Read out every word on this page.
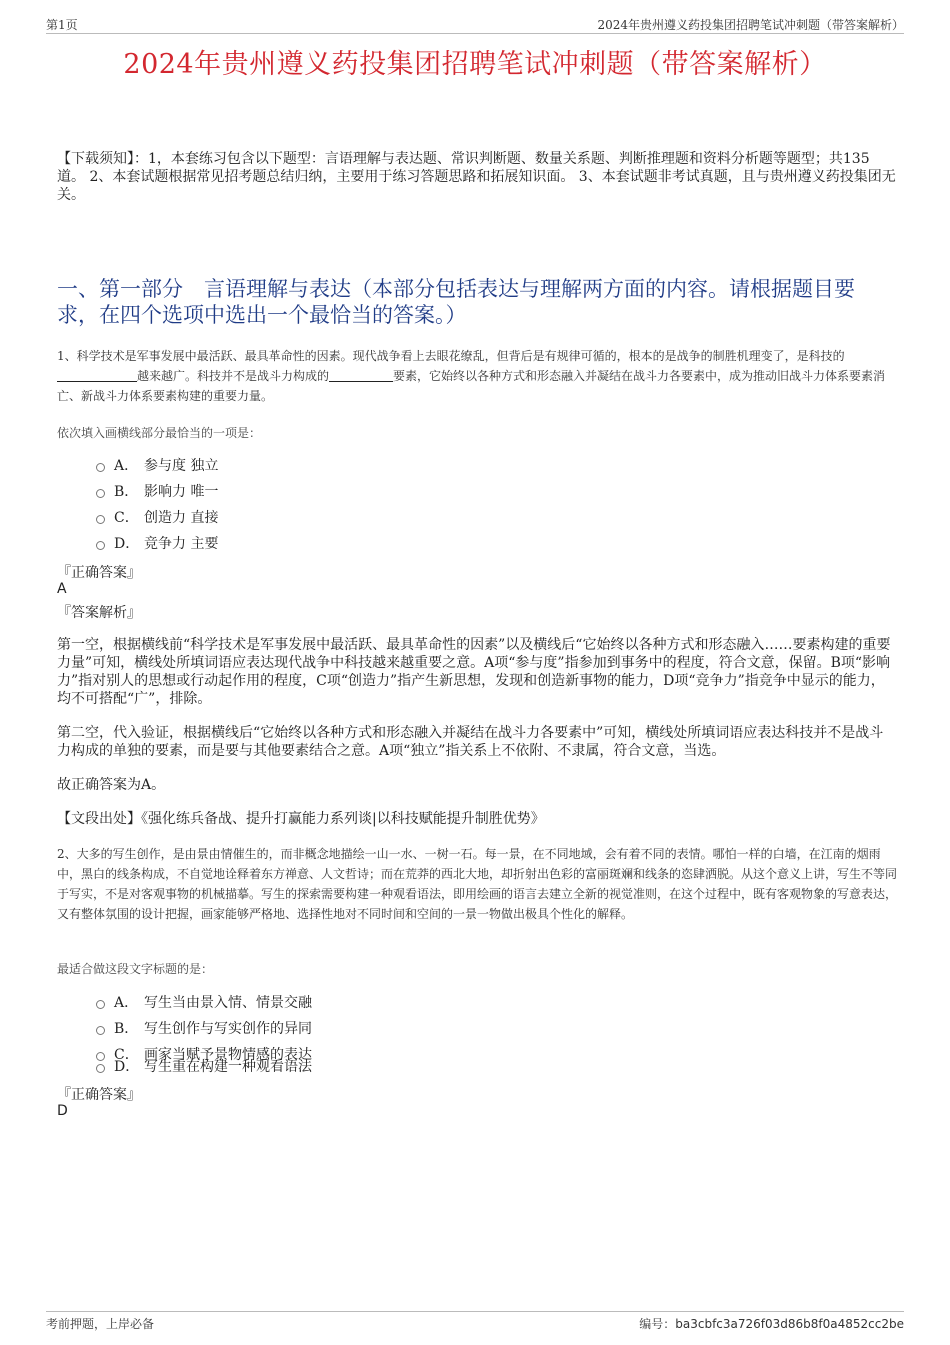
第1页	2024年贵州遵义药投集团招聘笔试冲刺题（带答案解析）
2024年贵州遵义药投集团招聘笔试冲刺题（带答案解析）
【下载须知】：1，本套练习包含以下题型：言语理解与表达题、常识判断题、数量关系题、判断推理题和资料分析题等题型；共135道。 2、本套试题根据常见招考题总结归纳，主要用于练习答题思路和拓展知识面。 3、本套试题非考试真题，且与贵州遵义药投集团无关。
一、第一部分　言语理解与表达（本部分包括表达与理解两方面的内容。请根据题目要求，在四个选项中选出一个最恰当的答案。）
1、科学技术是军事发展中最活跃、最具革命性的因素。现代战争看上去眼花缭乱，但背后是有规律可循的，根本的是战争的制胜机理变了，是科技的越来越广。科技并不是战斗力构成的	要素，它始终以各种方式和形态融入并凝结在战斗力各要素中，成为推动旧战斗力体系要素消亡、新战斗力体系要素构建的重要力量。
依次填入画横线部分最恰当的一项是：
A． 参与度 独立
B． 影响力 唯一
C． 创造力 直接
D． 竞争力 主要
『正确答案』
A
『答案解析』
第一空，根据横线前“科学技术是军事发展中最活跃、最具革命性的因素”以及横线后“它始终以各种方式和形态融入……要素构建的重要力量”可知，横线处所填词语应表达现代战争中科技越来越重要之意。A项“参与度”指参加到事务中的程度，符合文意，保留。B项“影响力”指对别人的思想或行动起作用的程度，C项“创造力”指产生新思想，发现和创造新事物的能力，D项“竞争力”指竞争中显示的能力，均不可搭配“广”，排除。
第二空，代入验证，根据横线后“它始终以各种方式和形态融入并凝结在战斗力各要素中”可知，横线处所填词语应表达科技并不是战斗力构成的单独的要素，而是要与其他要素结合之意。A项“独立”指关系上不依附、不隶属，符合文意，当选。
故正确答案为A。
【文段出处】《强化练兵备战、提升打赢能力系列谈|以科技赋能提升制胜优势》
2、大多的写生创作，是由景由情催生的，而非概念地描绘一山一水、一树一石。每一景，在不同地域，会有着不同的表情。哪怕一样的白墙，在江南的烟雨中，黑白的线条构成，不自觉地诠释着东方禅意、人文哲诗；而在荒莽的西北大地，却折射出色彩的富丽斑斓和线条的恣肆洒脱。从这个意义上讲，写生不等同于写实，不是对客观事物的机械描摹。写生的探索需要构建一种观看语法，即用绘画的语言去建立全新的视觉准则，在这个过程中，既有客观物象的写意表达，又有整体氛围的设计把握，画家能够严格地、选择性地对不同时间和空间的一景一物做出极具个性化的解释。
最适合做这段文字标题的是：
A． 写生当由景入情、情景交融
B． 写生创作与写实创作的异同
C． 画家当赋予景物情感的表达
D． 写生重在构建一种观看语法
『正确答案』
D
考前押题，上岸必备	编号：ba3cbfc3a726f03d86b8f0a4852cc2be
